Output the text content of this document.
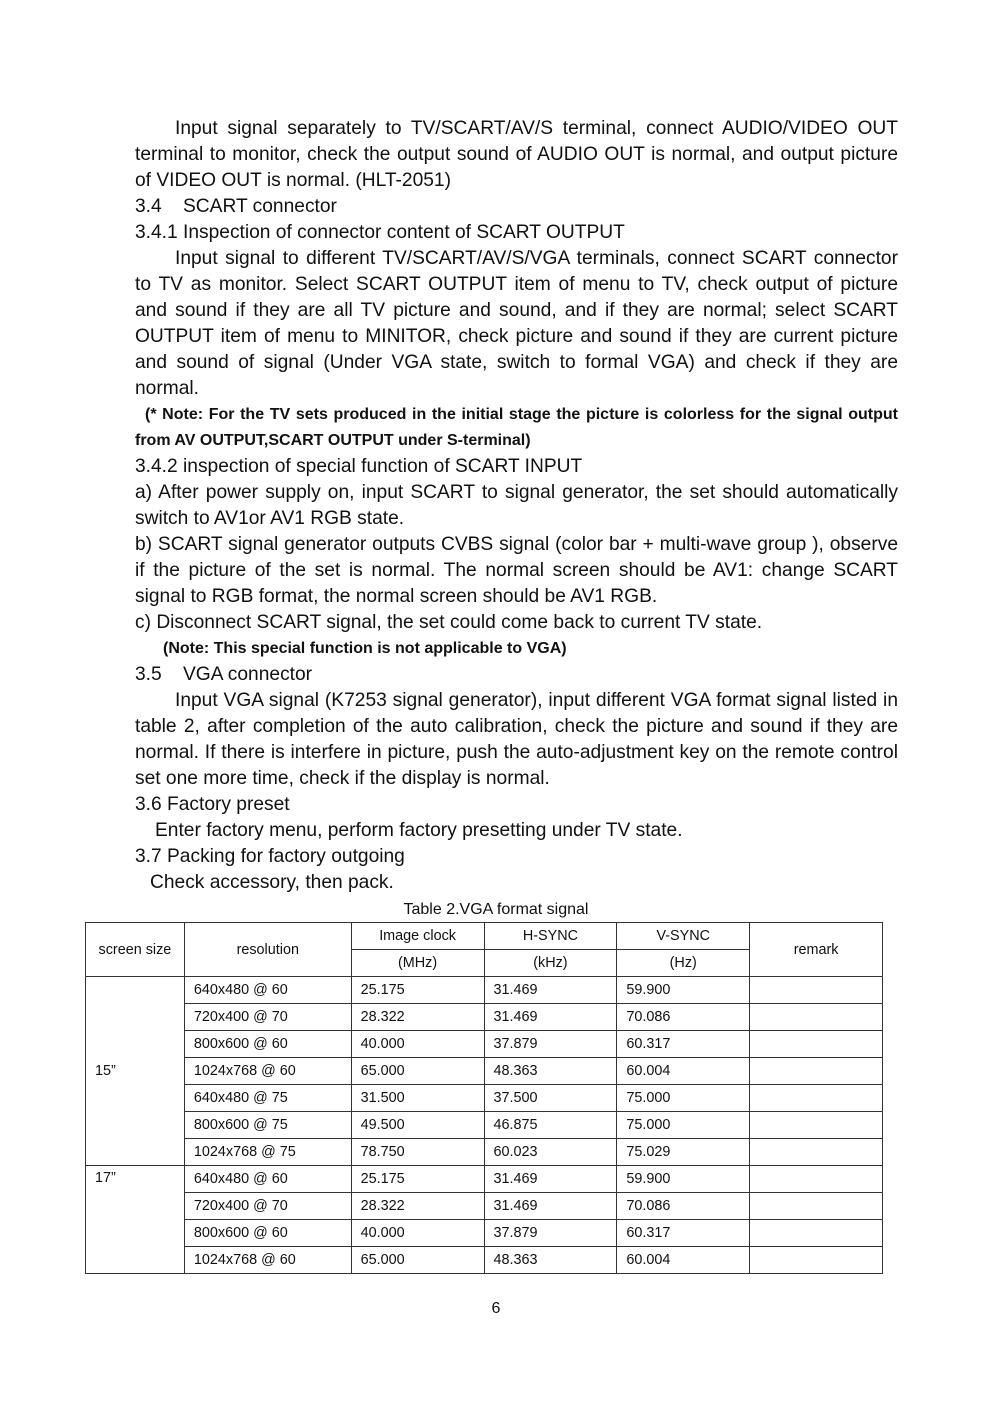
Input signal separately to TV/SCART/AV/S terminal, connect AUDIO/VIDEO OUT terminal to monitor, check the output sound of AUDIO OUT is normal, and output picture of VIDEO OUT is normal. (HLT-2051)

3.4    SCART connector

3.4.1 Inspection of connector content of SCART OUTPUT

Input signal to different TV/SCART/AV/S/VGA terminals, connect SCART connector to TV as monitor. Select SCART OUTPUT item of menu to TV, check output of picture and sound if they are all TV picture and sound, and if they are normal; select SCART OUTPUT item of menu to MINITOR, check picture and sound if they are current picture and sound of signal (Under VGA state, switch to formal VGA) and check if they are normal.

(* Note: For the TV sets produced in the initial stage the picture is colorless for the signal output from AV OUTPUT,SCART OUTPUT under S-terminal)

3.4.2 inspection of special function of SCART INPUT

a) After power supply on, input SCART to signal generator, the set should automatically switch to AV1or AV1 RGB state.

b) SCART signal generator outputs CVBS signal (color bar + multi-wave group ), observe if the picture of the set is normal. The normal screen should be AV1: change SCART signal to RGB format, the normal screen should be AV1 RGB.

c) Disconnect SCART signal, the set could come back to current TV state.

(Note: This special function is not applicable to VGA)

3.5    VGA connector

Input VGA signal (K7253 signal generator), input different VGA format signal listed in table 2, after completion of the auto calibration, check the picture and sound if they are normal. If there is interfere in picture, push the auto-adjustment key on the remote control set one more time, check if the display is normal.

3.6 Factory preset

Enter factory menu, perform factory presetting under TV state.

3.7 Packing for factory outgoing

Check accessory, then pack.

Table 2.VGA format signal
screen size	resolution	Image clock	H-SYNC	V-SYNC	remark
		(MHz)	(kHz)	(Hz)	
15”	640x480 @ 60	25.175	31.469	59.900	
	720x400 @ 70	28.322	31.469	70.086	
	800x600 @ 60	40.000	37.879	60.317	
	1024x768 @ 60	65.000	48.363	60.004	
	640x480 @ 75	31.500	37.500	75.000	
	800x600 @ 75	49.500	46.875	75.000	
	1024x768 @ 75	78.750	60.023	75.029	
17”	640x480 @ 60	25.175	31.469	59.900	
	720x400 @ 70	28.322	31.469	70.086	
	800x600 @ 60	40.000	37.879	60.317	
	1024x768 @ 60	65.000	48.363	60.004	
6
